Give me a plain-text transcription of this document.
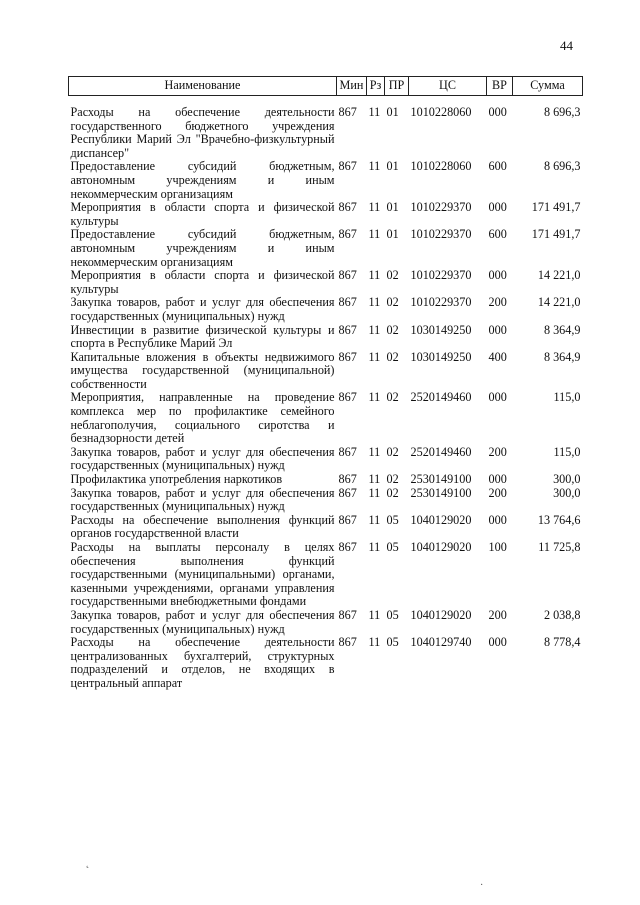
44
Наименование	Мин	Рз	ПР	ЦС	ВР	Сумма
Расходы на обеспечение деятельности государственного бюджетного учреждения Республики Марий Эл "Врачебно-физкультурный диспансер"	867	11	01	1010228060	000	8 696,3
Предоставление субсидий бюджетным, автономным учреждениям и иным некоммерческим организациям	867	11	01	1010228060	600	8 696,3
Мероприятия в области спорта и физической культуры	867	11	01	1010229370	000	171 491,7
Предоставление субсидий бюджетным, автономным учреждениям и иным некоммерческим организациям	867	11	01	1010229370	600	171 491,7
Мероприятия в области спорта и физической культуры	867	11	02	1010229370	000	14 221,0
Закупка товаров, работ и услуг для обеспечения государственных (муниципальных) нужд	867	11	02	1010229370	200	14 221,0
Инвестиции в развитие физической культуры и спорта в Республике Марий Эл	867	11	02	1030149250	000	8 364,9
Капитальные вложения в объекты недвижимого имущества государственной (муниципальной) собственности	867	11	02	1030149250	400	8 364,9
Мероприятия, направленные на проведение комплекса мер по профилактике семейного неблагополучия, социального сиротства и безнадзорности детей	867	11	02	2520149460	000	115,0
Закупка товаров, работ и услуг для обеспечения государственных (муниципальных) нужд	867	11	02	2520149460	200	115,0
Профилактика употребления наркотиков	867	11	02	2530149100	000	300,0
Закупка товаров, работ и услуг для обеспечения государственных (муниципальных) нужд	867	11	02	2530149100	200	300,0
Расходы на обеспечение выполнения функций органов государственной власти	867	11	05	1040129020	000	13 764,6
Расходы на выплаты персоналу в целях обеспечения выполнения функций государственными (муниципальными) органами, казенными учреждениями, органами управления государственными внебюджетными фондами	867	11	05	1040129020	100	11 725,8
Закупка товаров, работ и услуг для обеспечения государственных (муниципальных) нужд	867	11	05	1040129020	200	2 038,8
Расходы на обеспечение деятельности централизованных бухгалтерий, структурных подразделений и отделов, не входящих в центральный аппарат	867	11	05	1040129740	000	8 778,4
˛
·
